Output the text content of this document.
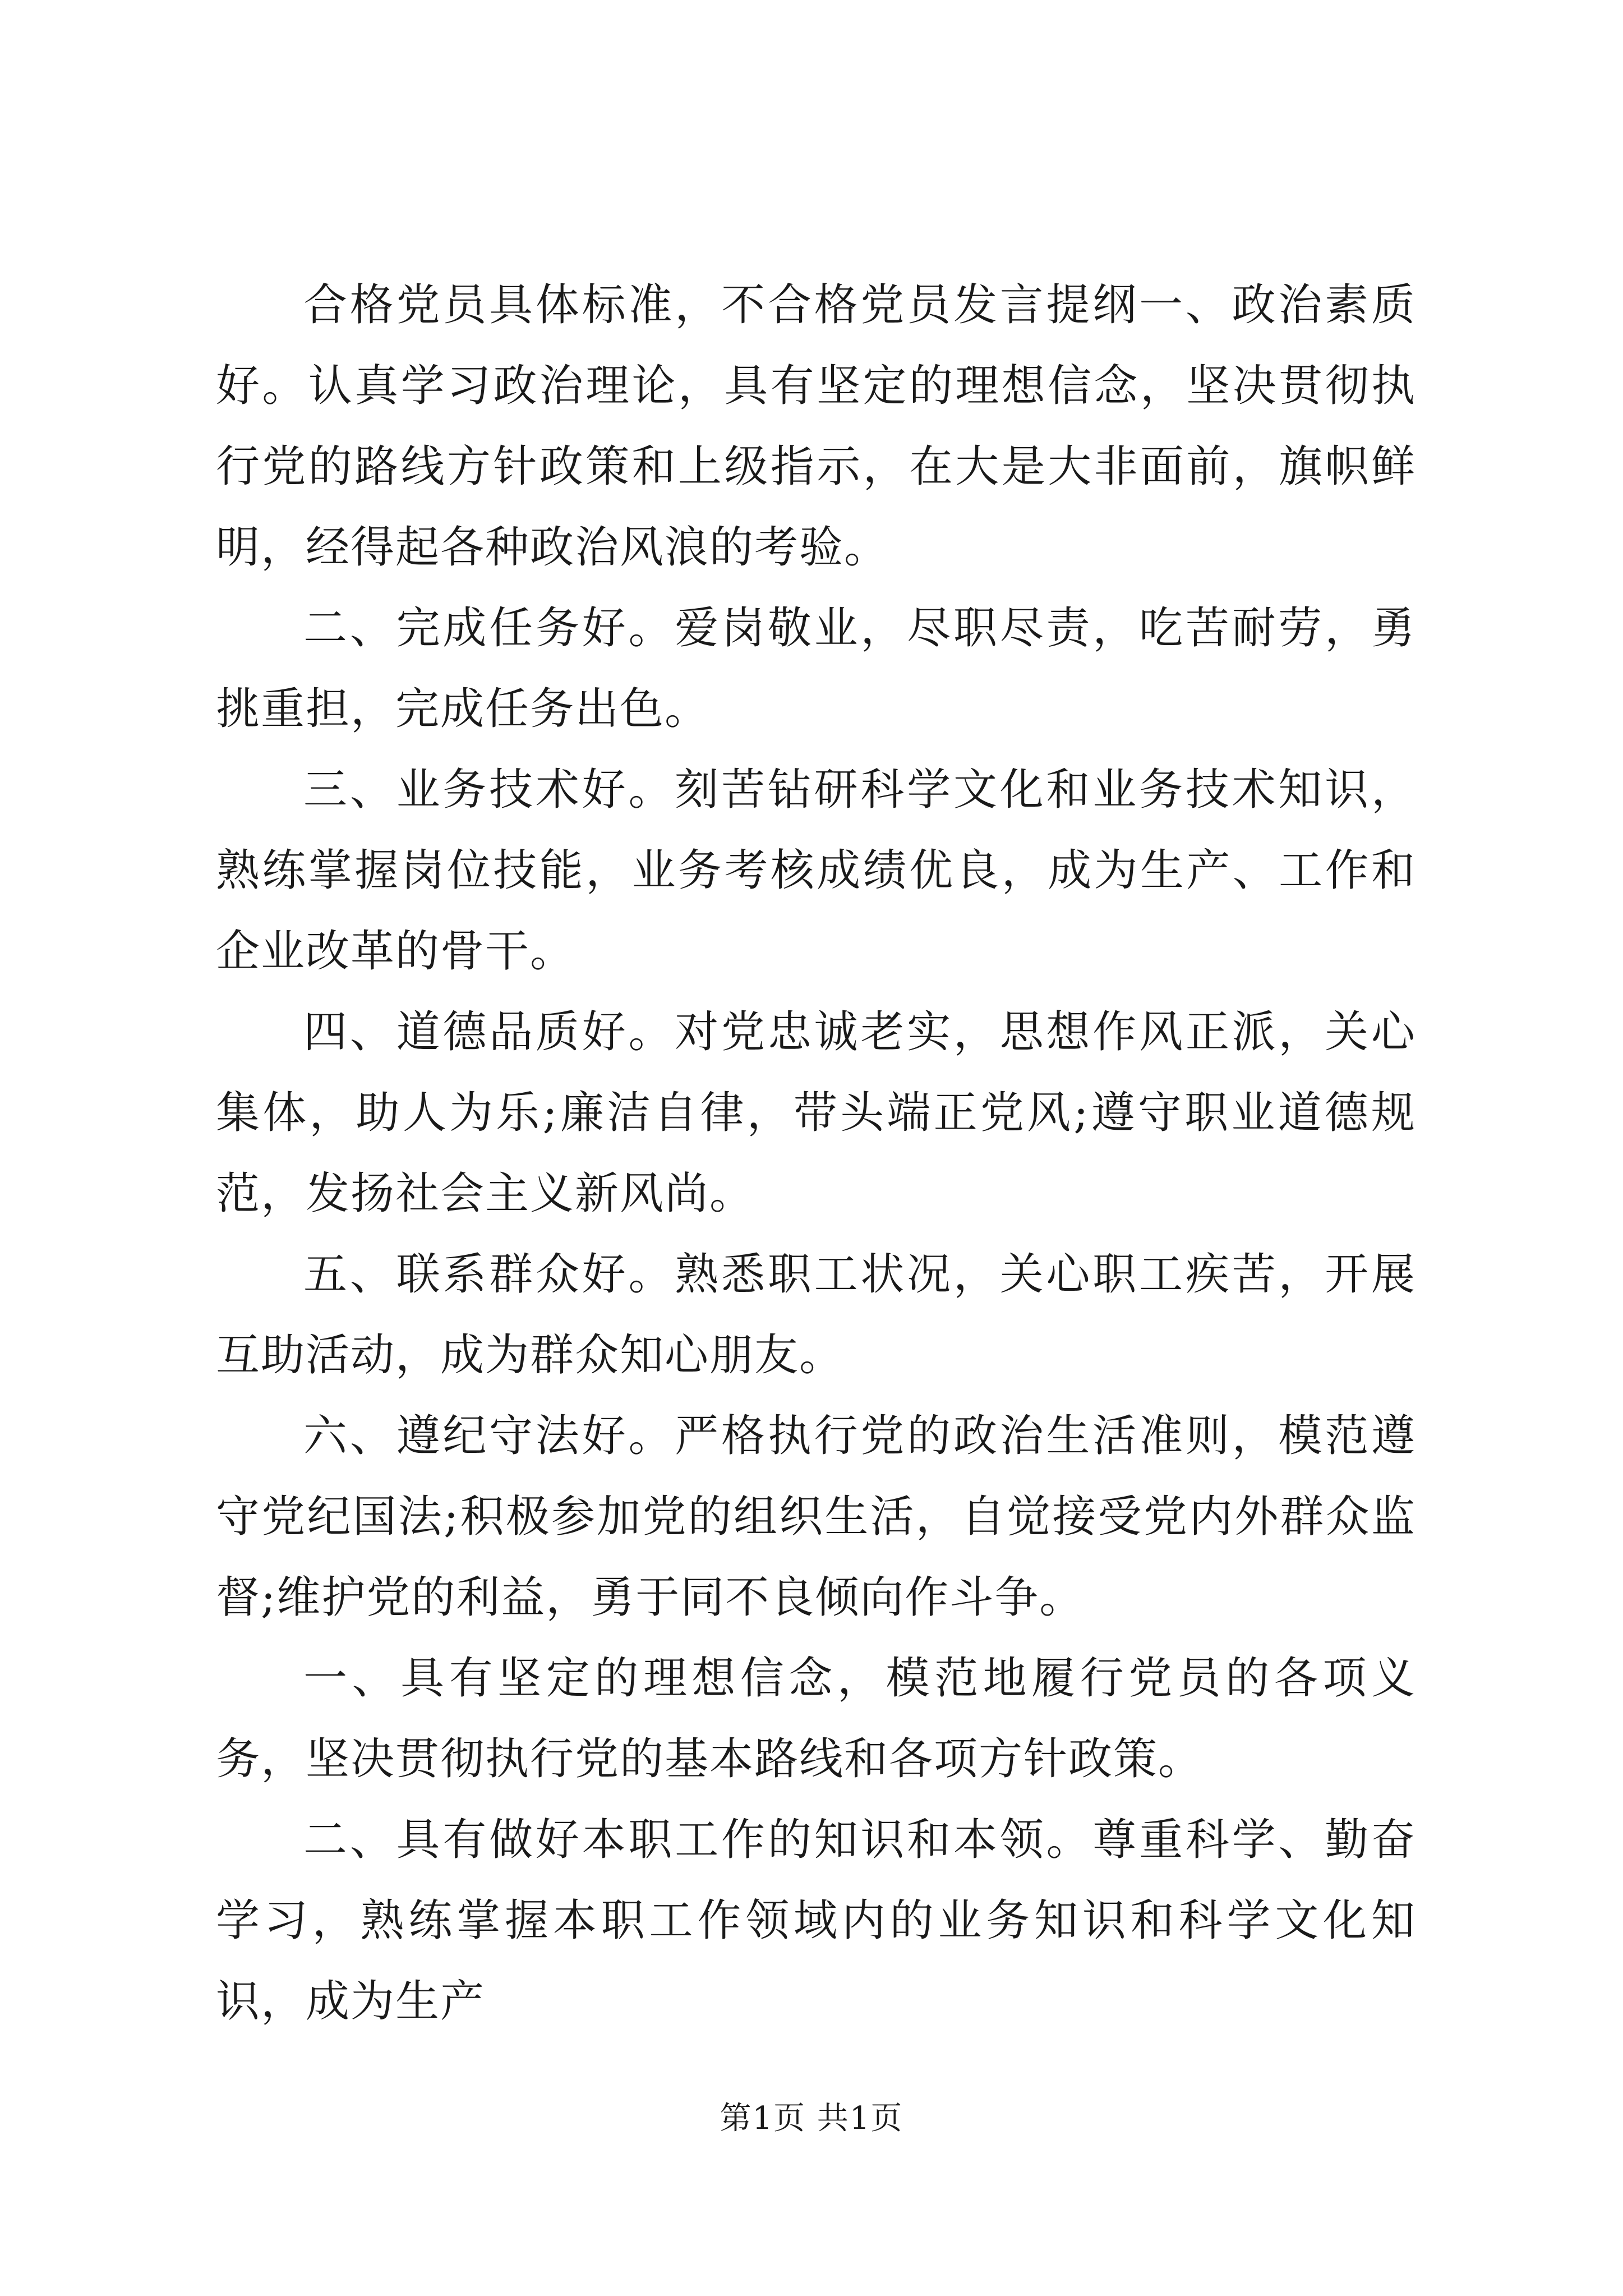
合格党员具体标准，不合格党员发言提纲一、政治素质好。认真学习政治理论，具有坚定的理想信念，坚决贯彻执行党的路线方针政策和上级指示，在大是大非面前，旗帜鲜明，经得起各种政治风浪的考验。

二、完成任务好。爱岗敬业，尽职尽责，吃苦耐劳，勇挑重担，完成任务出色。

三、业务技术好。刻苦钻研科学文化和业务技术知识，熟练掌握岗位技能，业务考核成绩优良，成为生产、工作和企业改革的骨干。

四、道德品质好。对党忠诚老实，思想作风正派，关心集体，助人为乐;廉洁自律，带头端正党风;遵守职业道德规范，发扬社会主义新风尚。

五、联系群众好。熟悉职工状况，关心职工疾苦，开展互助活动，成为群众知心朋友。

六、遵纪守法好。严格执行党的政治生活准则，模范遵守党纪国法;积极参加党的组织生活，自觉接受党内外群众监督;维护党的利益，勇于同不良倾向作斗争。

一、具有坚定的理想信念，模范地履行党员的各项义务，坚决贯彻执行党的基本路线和各项方针政策。

二、具有做好本职工作的知识和本领。尊重科学、勤奋学习，熟练掌握本职工作领域内的业务知识和科学文化知识，成为生产

第1页 共1页
